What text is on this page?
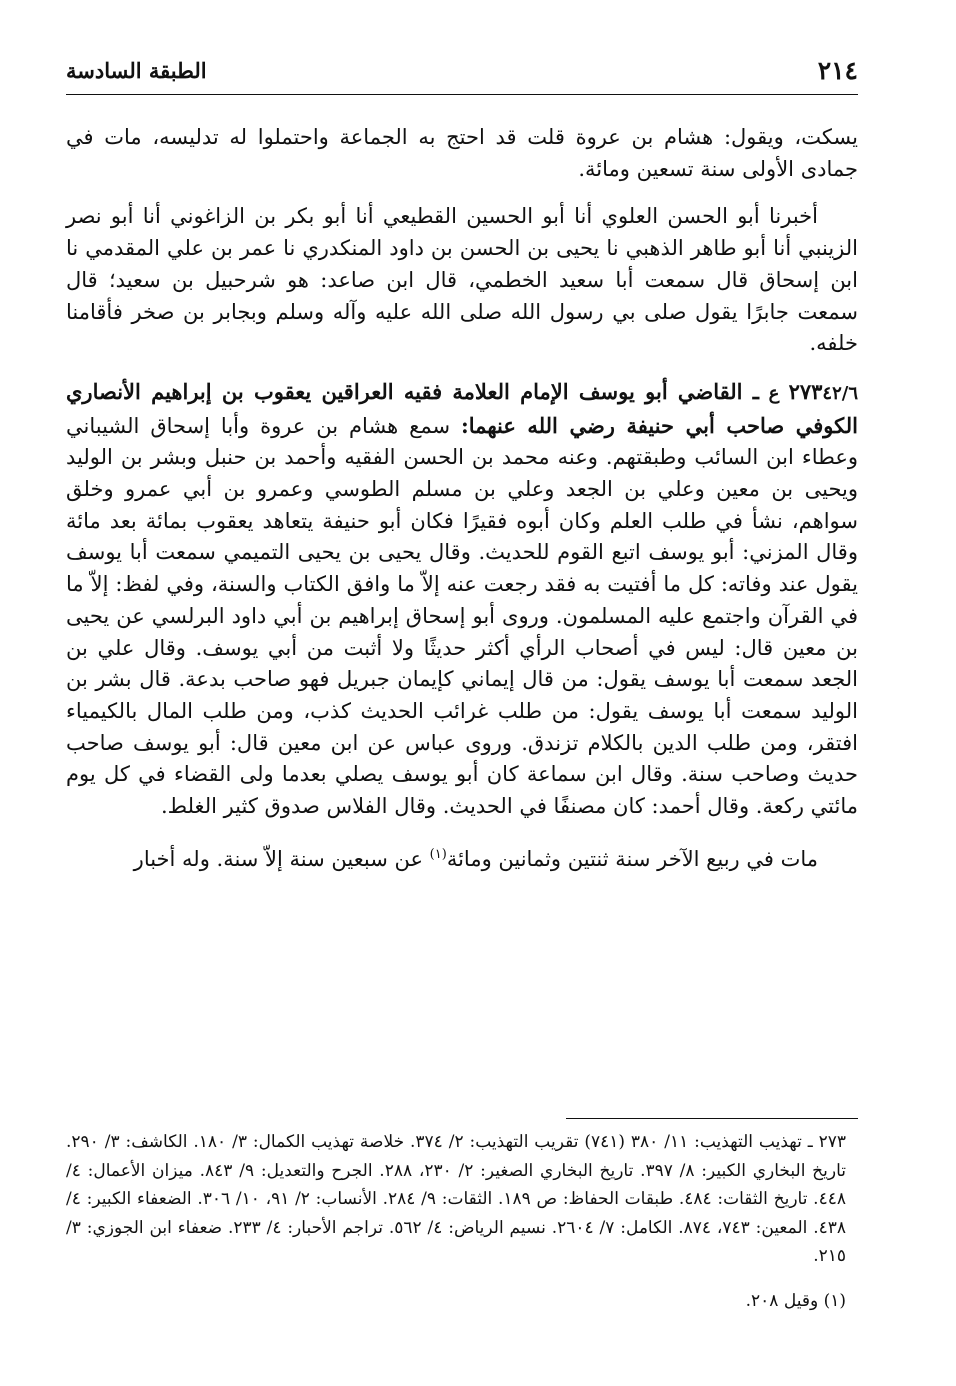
٢١٤
الطبقة السادسة

يسكت، ويقول: هشام بن عروة قلت قد احتج به الجماعة واحتملوا له تدليسه، مات في جمادى الأولى سنة تسعين ومائة.

أخبرنا أبو الحسن العلوي أنا أبو الحسين القطيعي أنا أبو بكر بن الزاغوني أنا أبو نصر الزينبي أنا أبو طاهر الذهبي نا يحيى بن الحسن بن داود المنكدري نا عمر بن علي المقدمي نا ابن إسحاق قال سمعت أبا سعيد الخطمي، قال ابن صاعد: هو شرحبيل بن سعيد؛ قال سمعت جابرًا يقول صلى بي رسول الله صلى الله عليه وآله وسلم وبجابر بن صخر فأقامنا خلفه.

٢٧٣٤٢/٦ ع ـ القاضي أبو يوسف الإمام العلامة فقيه العراقين يعقوب بن إبراهيم الأنصاري الكوفي صاحب أبي حنيفة رضي الله عنهما: سمع هشام بن عروة وأبا إسحاق الشيباني وعطاء ابن السائب وطبقتهم. وعنه محمد بن الحسن الفقيه وأحمد بن حنبل وبشر بن الوليد ويحيى بن معين وعلي بن الجعد وعلي بن مسلم الطوسي وعمرو بن أبي عمرو وخلق سواهم، نشأ في طلب العلم وكان أبوه فقيرًا فكان أبو حنيفة يتعاهد يعقوب بمائة بعد مائة وقال المزني: أبو يوسف اتبع القوم للحديث. وقال يحيى بن يحيى التميمي سمعت أبا يوسف يقول عند وفاته: كل ما أفتيت به فقد رجعت عنه إلاّ ما وافق الكتاب والسنة، وفي لفظ: إلاّ ما في القرآن واجتمع عليه المسلمون. وروى أبو إسحاق إبراهيم بن أبي داود البرلسي عن يحيى بن معين قال: ليس في أصحاب الرأي أكثر حديثًا ولا أثبت من أبي يوسف. وقال علي بن الجعد سمعت أبا يوسف يقول: من قال إيماني كإيمان جبريل فهو صاحب بدعة. قال بشر بن الوليد سمعت أبا يوسف يقول: من طلب غرائب الحديث كذب، ومن طلب المال بالكيمياء افتقر، ومن طلب الدين بالكلام تزندق. وروى عباس عن ابن معين قال: أبو يوسف صاحب حديث وصاحب سنة. وقال ابن سماعة كان أبو يوسف يصلي بعدما ولى القضاء في كل يوم مائتي ركعة. وقال أحمد: كان مصنفًا في الحديث. وقال الفلاس صدوق كثير الغلط.

مات في ربيع الآخر سنة ثنتين وثمانين ومائة$^{(١)}$ عن سبعين سنة إلاّ سنة. وله أخبار

٢٧٣ ـ تهذيب التهذيب: ١١/ ٣٨٠ (٧٤١) تقريب التهذيب: ٢/ ٣٧٤. خلاصة تهذيب الكمال: ٣/ ١٨٠. الكاشف: ٣/ ٢٩٠. تاريخ البخاري الكبير: ٨/ ٣٩٧. تاريخ البخاري الصغير: ٢/ ٢٣٠، ٢٨٨. الجرح والتعديل: ٩/ ٨٤٣. ميزان الأعمال: ٤/ ٤٤٨. تاريخ الثقات: ٤٨٤. طبقات الحفاظ: ص ١٨٩. الثقات: ٩/ ٢٨٤. الأنساب: ٢/ ٩١، ١٠/ ٣٠٦. الضعفاء الكبير: ٤/ ٤٣٨. المعين: ٧٤٣، ٨٧٤. الكامل: ٧/ ٢٦٠٤. نسيم الرياض: ٤/ ٥٦٢. تراجم الأحبار: ٤/ ٢٣٣. ضعفاء ابن الجوزي: ٣/ ٢١٥.

(١) وقيل ٢٠٨.
